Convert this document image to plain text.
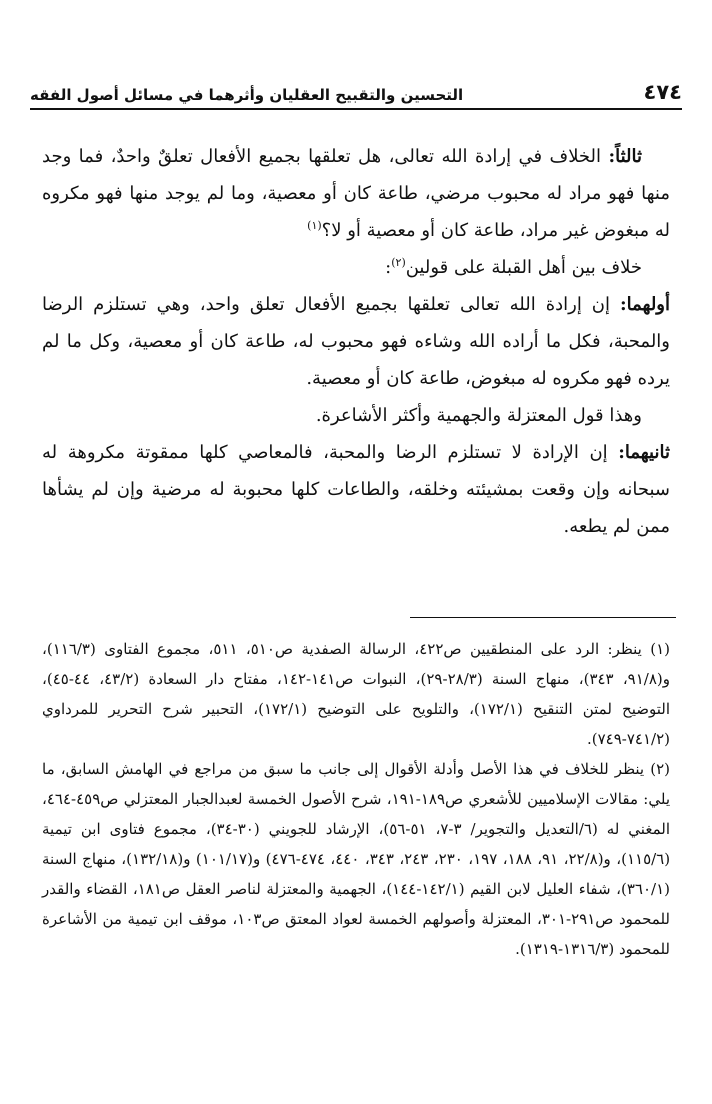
٤٧٤
التحسين والتقبيح العقليان وأثرهما في مسائل أصول الفقه

ثالثاً: الخلاف في إرادة الله تعالى، هل تعلقها بجميع الأفعال تعلقٌ واحدٌ، فما وجد منها فهو مراد له محبوب مرضي، طاعة كان أو معصية، وما لم يوجد منها فهو مكروه له مبغوض غير مراد، طاعة كان أو معصية أو لا؟$^{(١)}$

خلاف بين أهل القبلة على قولين$^{(٢)}$:

أولهما: إن إرادة الله تعالى تعلقها بجميع الأفعال تعلق واحد، وهي تستلزم الرضا والمحبة، فكل ما أراده الله وشاءه فهو محبوب له، طاعة كان أو معصية، وكل ما لم يرده فهو مكروه له مبغوض، طاعة كان أو معصية.

وهذا قول المعتزلة والجهمية وأكثر الأشاعرة.

ثانيهما: إن الإرادة لا تستلزم الرضا والمحبة، فالمعاصي كلها ممقوتة مكروهة له سبحانه وإن وقعت بمشيئته وخلقه، والطاعات كلها محبوبة له مرضية وإن لم يشأها ممن لم يطعه.

(١) ينظر: الرد على المنطقيين ص٤٢٢، الرسالة الصفدية ص٥١٠، ٥١١، مجموع الفتاوى (١١٦/٣)، و(٩١/٨، ٣٤٣)، منهاج السنة (٢٨/٣-٢٩)، النبوات ص١٤١-١٤٢، مفتاح دار السعادة (٤٣/٢، ٤٤-٤٥)، التوضيح لمتن التنقيح (١٧٢/١)، والتلويح على التوضيح (١٧٢/١)، التحبير شرح التحرير للمرداوي (٧٤١/٢-٧٤٩).

(٢) ينظر للخلاف في هذا الأصل وأدلة الأقوال إلى جانب ما سبق من مراجع في الهامش السابق، ما يلي: مقالات الإسلاميين للأشعري ص١٨٩-١٩١، شرح الأصول الخمسة لعبدالجبار المعتزلي ص٤٥٩-٤٦٤، المغني له (٦/التعديل والتجوير/ ٣-٧، ٥١-٥٦)، الإرشاد للجويني (٣٠-٣٤)، مجموع فتاوى ابن تيمية (١١٥/٦)، و(٢٢/٨، ٩١، ١٨٨، ١٩٧، ٢٣٠، ٢٤٣، ٣٤٣، ٤٤٠، ٤٧٤-٤٧٦) و(١٠١/١٧) و(١٣٢/١٨)، منهاج السنة (٣٦٠/١)، شفاء العليل لابن القيم (١٤٢/١-١٤٤)، الجهمية والمعتزلة لناصر العقل ص١٨١، القضاء والقدر للمحمود ص٢٩١-٣٠١، المعتزلة وأصولهم الخمسة لعواد المعتق ص١٠٣، موقف ابن تيمية من الأشاعرة للمحمود (١٣١٦/٣-١٣١٩).
